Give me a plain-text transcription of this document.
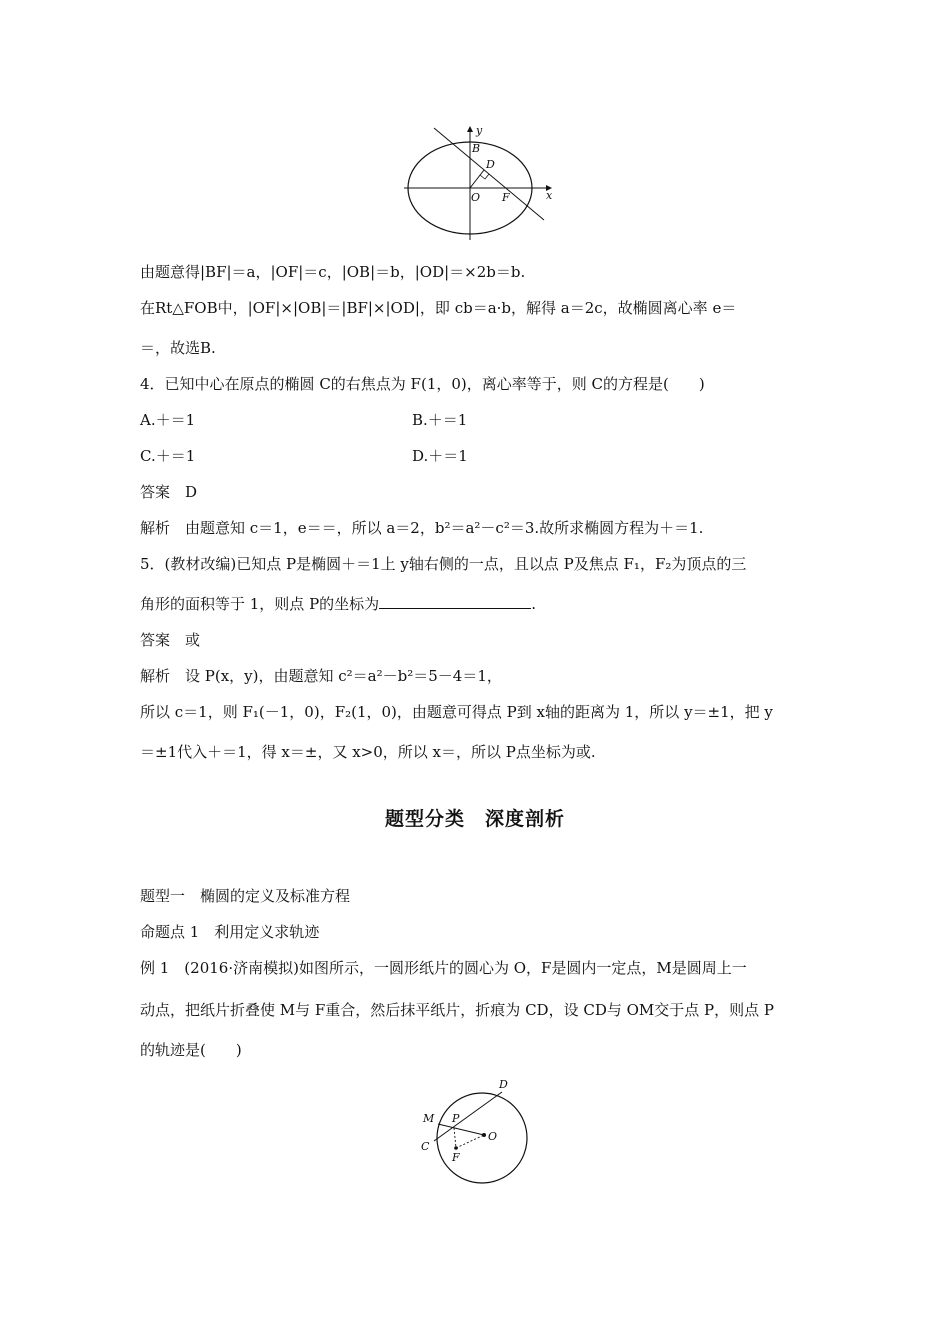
y
B
D
O F	x
由题意得|BF|＝a，|OF|＝c，|OB|＝b，|OD|＝×2b＝b.
在Rt△FOB中，|OF|×|OB|＝|BF|×|OD|，即 cb＝a·b，解得 a＝2c，故椭圆离心率 e＝
＝，故选B.
4．已知中心在原点的椭圆 C的右焦点为 F(1，0)，离心率等于，则 C的方程是(　　)
A.＋＝1	B.＋＝1
C.＋＝1	D.＋＝1
答案　D
解析　由题意知 c＝1，e＝＝，所以 a＝2，b²＝a²－c²＝3.故所求椭圆方程为＋＝1.
5．(教材改编)已知点 P是椭圆＋＝1上 y轴右侧的一点，且以点 P及焦点 F₁，F₂为顶点的三
角形的面积等于 1，则点 P的坐标为	.
答案　或
解析　设 P(x，y)，由题意知 c²＝a²－b²＝5－4＝1，
所以 c＝1，则 F₁(－1，0)，F₂(1，0)，由题意可得点 P到 x轴的距离为 1，所以 y＝±1，把 y
＝±1代入＋＝1，得 x＝±，又 x>0，所以 x＝，所以 P点坐标为或.
题型分类　深度剖析
题型一　椭圆的定义及标准方程
命题点 1　利用定义求轨迹
例 1　(2016·济南模拟)如图所示，一圆形纸片的圆心为 O，F是圆内一定点，M是圆周上一
动点，把纸片折叠使 M与 F重合，然后抹平纸片，折痕为 CD，设 CD与 OM交于点 P，则点 P
的轨迹是(　　)
D
M P
O
C
F
